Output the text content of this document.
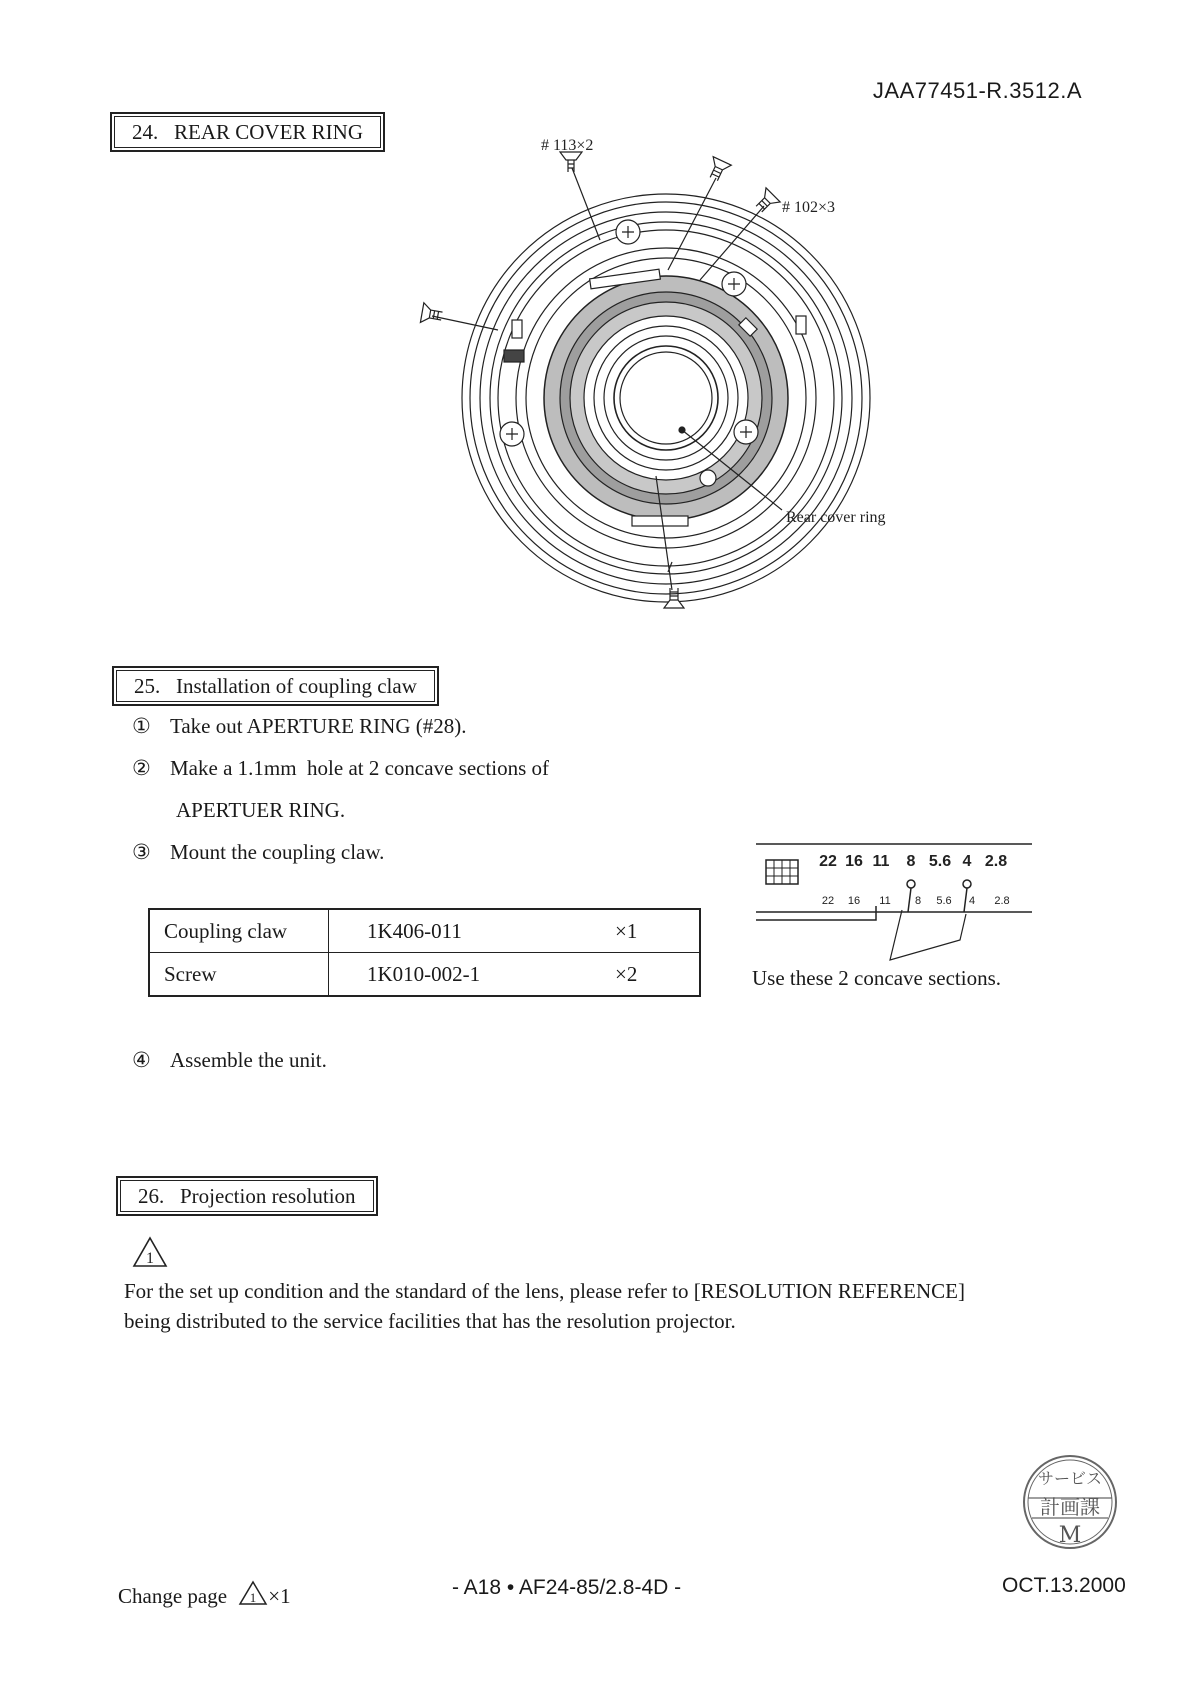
JAA77451-R.3512.A
24.   REAR COVER RING
# 113×2
# 102×3
Rear cover ring
25.   Installation of coupling claw
① Take out APERTURE RING (#28).
② Make a 1.1mm  hole at 2 concave sections of
APERTUER RING.
③ Mount the coupling claw.
Coupling claw	1K406-011	×1
Screw	1K010-002-1	×2
22 16 11 8 5.6 4 2.8
22 16 11 8 5.6 4 2.8
Use these 2 concave sections.
④ Assemble the unit.
26.   Projection resolution
1
For the set up condition and the standard of the lens, please refer to [RESOLUTION REFERENCE]
being distributed to the service facilities that has the resolution projector.
サービス
計画課
M
Change page 1 ×1	- A18 • AF24-85/2.8-4D -	OCT.13.2000
